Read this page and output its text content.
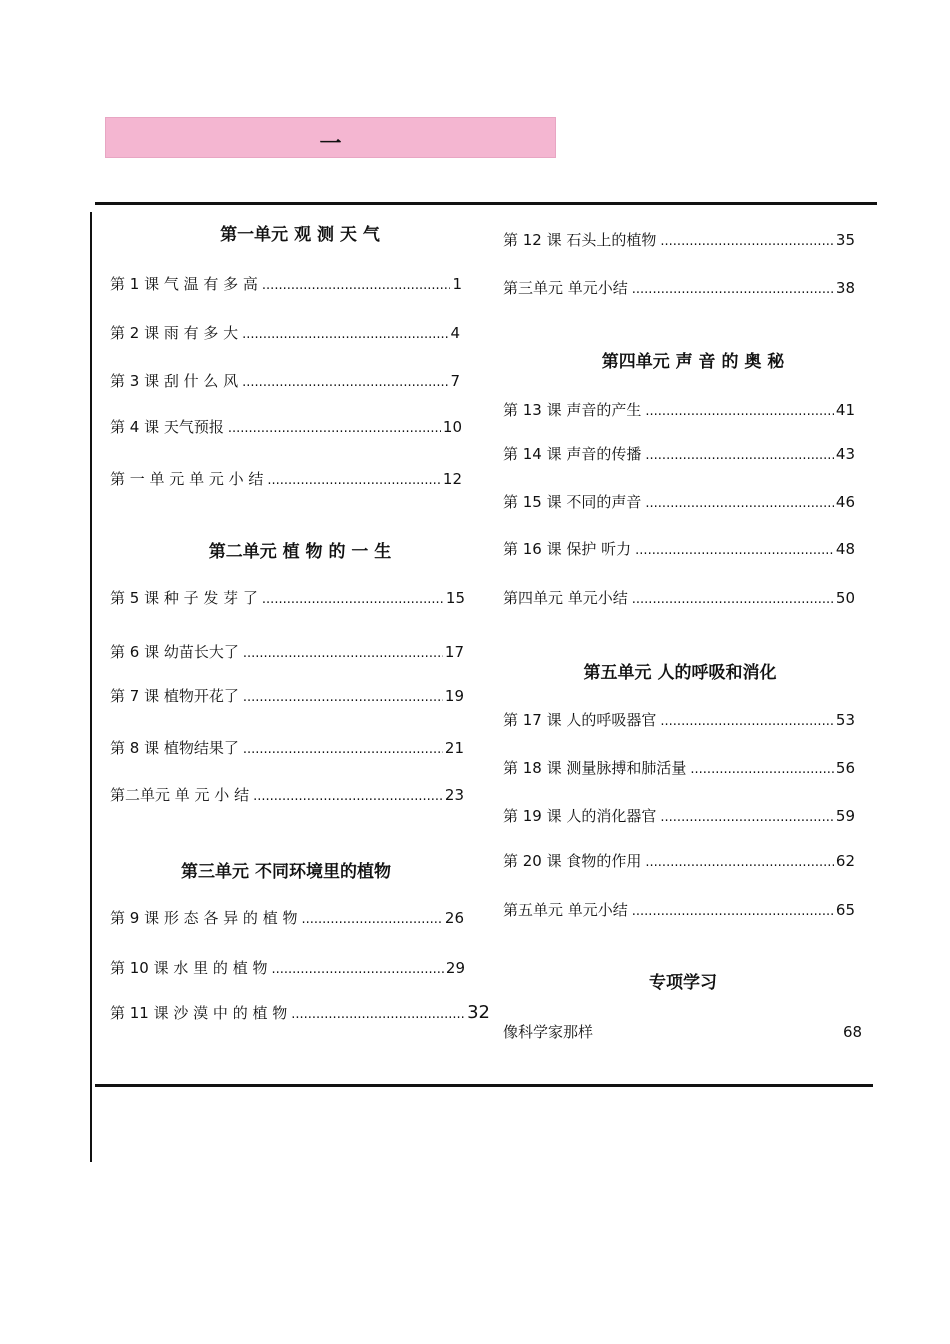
一
第一单元 观 测 天 气
第 1 课 气 温 有 多 高 .....	1
第 2 课 雨 有 多 大 .....	4
第 3 课 刮 什 么 风 .....	7
第 4 课 天气预报 .....	10
第 一 单 元 单 元 小 结 .....	12
第二单元 植 物 的 一 生
第 5 课 种 子 发 芽 了 .....	15
第 6 课 幼苗长大了 .....	17
第 7 课 植物开花了 .....	19
第 8 课 植物结果了 .....	21
第二单元 单 元 小 结 .....	23
第三单元 不同环境里的植物
第 9 课 形 态 各 异 的 植 物 .....	26
第 10 课 水 里 的 植 物 .....	29
第 11 课 沙 漠 中 的 植 物 .....	32
第 12 课 石头上的植物 .....	35
第三单元 单元小结 .....	38
第四单元 声 音 的 奥 秘
第 13 课 声音的产生 .....	41
第 14 课 声音的传播 .....	43
第 15 课 不同的声音 .....	46
第 16 课 保护 听力 .....	48
第四单元 单元小结 .....	50
第五单元 人的呼吸和消化
第 17 课 人的呼吸器官 .....	53
第 18 课 测量脉搏和肺活量 .....	56
第 19 课 人的消化器官 .....	59
第 20 课 食物的作用 .....	62
第五单元 单元小结 .....	65
专项学习
像科学家那样	68
